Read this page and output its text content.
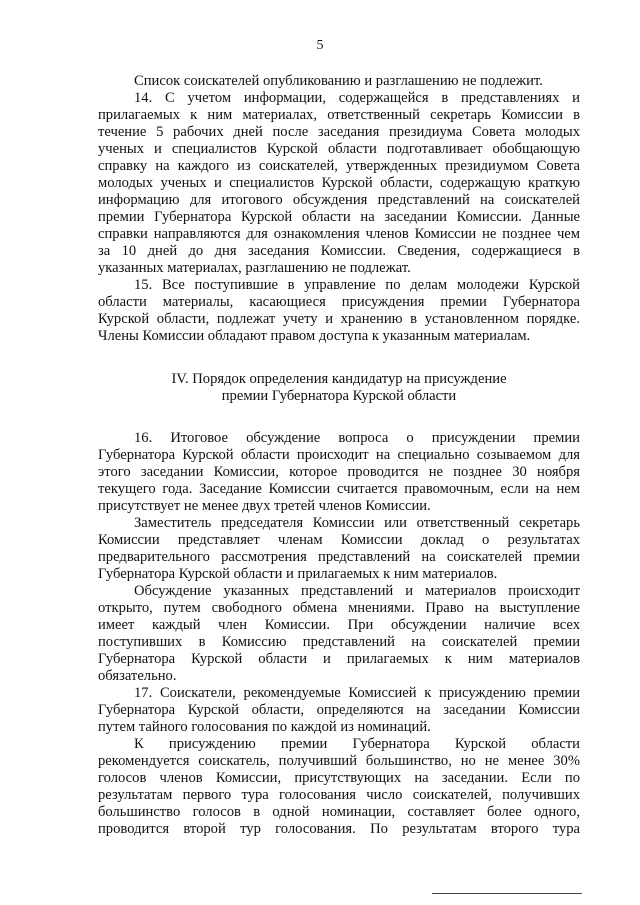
5
Список соискателей опубликованию и разглашению не подлежит.
14. С учетом информации, содержащейся в представлениях и
прилагаемых к ним материалах, ответственный секретарь Комиссии в
течение 5 рабочих дней после заседания президиума Совета молодых
ученых и специалистов Курской области подготавливает обобщающую
справку на каждого из соискателей, утвержденных президиумом Совета
молодых ученых и специалистов Курской области, содержащую краткую
информацию для итогового обсуждения представлений на соискателей
премии Губернатора Курской области на заседании Комиссии. Данные
справки направляются для ознакомления членов Комиссии не позднее чем
за 10 дней до дня заседания Комиссии. Сведения, содержащиеся в
указанных материалах, разглашению не подлежат.
15. Все поступившие в управление по делам молодежи Курской
области материалы, касающиеся присуждения премии Губернатора
Курской области, подлежат учету и хранению в установленном порядке.
Члены Комиссии обладают правом доступа к указанным материалам.
IV. Порядок определения кандидатур на присуждение
премии Губернатора Курской области
16. Итоговое обсуждение вопроса о присуждении премии
Губернатора Курской области происходит на специально созываемом для
этого заседании Комиссии, которое проводится не позднее 30 ноября
текущего года. Заседание Комиссии считается правомочным, если на нем
присутствует не менее двух третей членов Комиссии.
Заместитель председателя Комиссии или ответственный секретарь
Комиссии представляет членам Комиссии доклад о результатах
предварительного рассмотрения представлений на соискателей премии
Губернатора Курской области и прилагаемых к ним материалов.
Обсуждение указанных представлений и материалов происходит
открыто, путем свободного обмена мнениями. Право на выступление
имеет каждый член Комиссии. При обсуждении наличие всех
поступивших в Комиссию представлений на соискателей премии
Губернатора Курской области и прилагаемых к ним материалов
обязательно.
17. Соискатели, рекомендуемые Комиссией к присуждению премии
Губернатора Курской области, определяются на заседании Комиссии
путем тайного голосования по каждой из номинаций.
К присуждению премии Губернатора Курской области
рекомендуется соискатель, получивший большинство, но не менее 30%
голосов членов Комиссии, присутствующих на заседании. Если по
результатам первого тура голосования число соискателей, получивших
большинство голосов в одной номинации, составляет более одного,
проводится второй тур голосования. По результатам второго тура
